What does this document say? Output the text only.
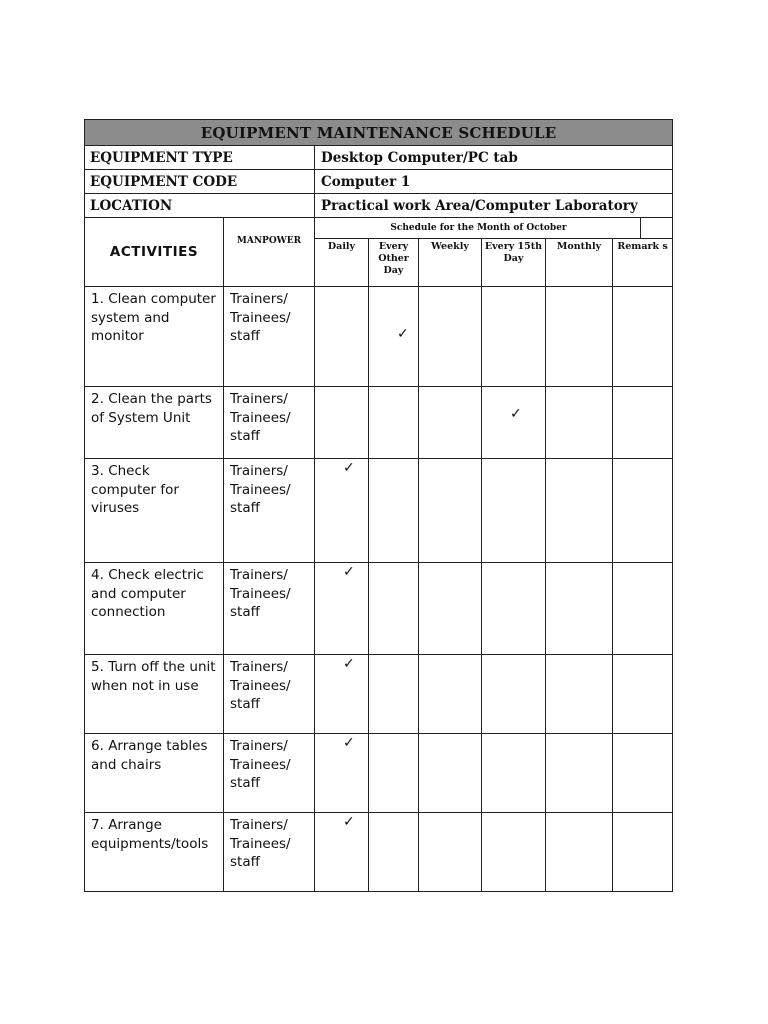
EQUIPMENT MAINTENANCE SCHEDULE							
EQUIPMENT TYPE		Desktop Computer/PC tab					
EQUIPMENT CODE		Computer 1					
LOCATION		Practical work Area/Computer Laboratory					
ACTIVITIES	MANPOWER	Schedule for the Month of October					

		Daily	Every Other Day	Weekly	Every 15th Day	Monthly	Remark s
1. Clean computer system and monitor	Trainers/ Trainees/ staff		✓				

2. Clean the parts of System Unit	Trainers/ Trainees/ staff				✓		

3. Check computer for viruses	Trainers/ Trainees/ staff	✓					

4. Check electric and computer connection	Trainers/ Trainees/ staff	✓					

5. Turn off the unit when not in use	Trainers/ Trainees/ staff	✓					

6. Arrange tables and chairs	Trainers/ Trainees/ staff	✓					

7. Arrange equipments/tools	Trainers/ Trainees/ staff	✓					
